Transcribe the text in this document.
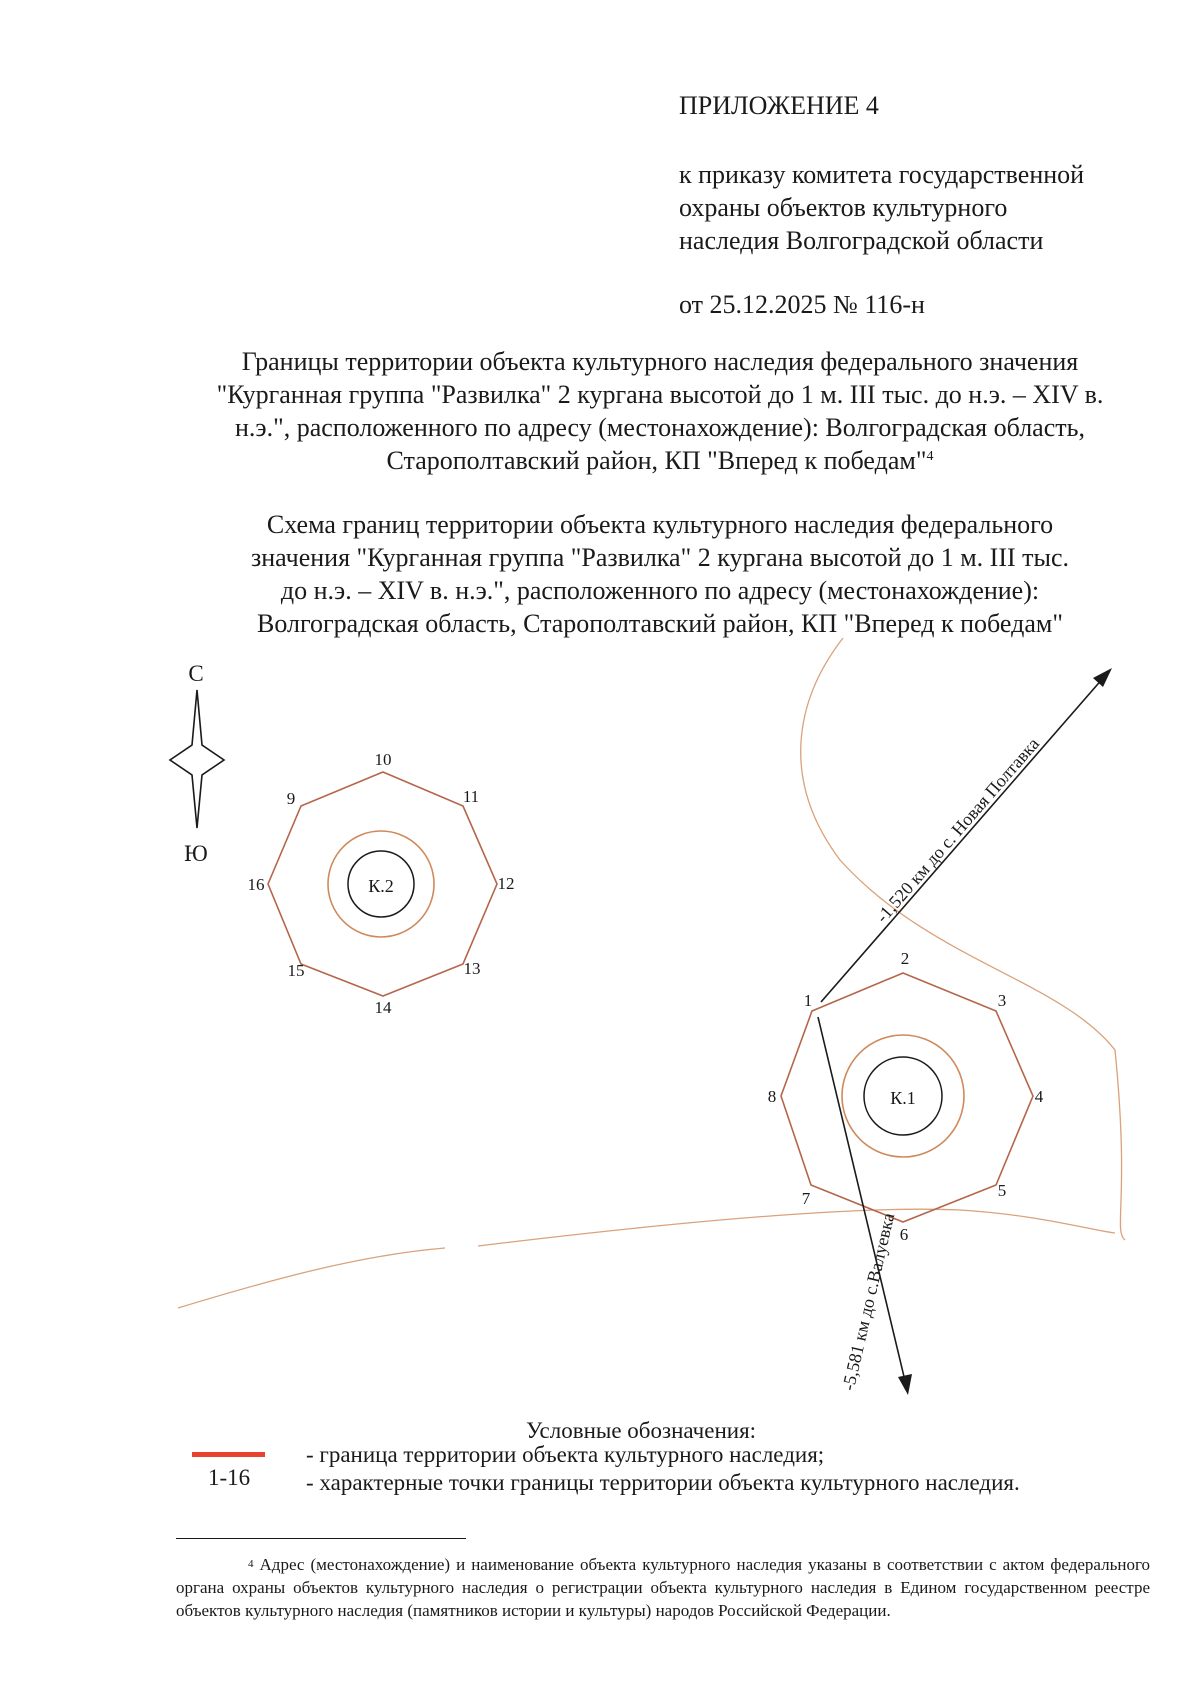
ПРИЛОЖЕНИЕ 4
к приказу комитета государственной
охраны объектов культурного
наследия Волгоградской области
от 25.12.2025 № 116-н
Границы территории объекта культурного наследия федерального значения
"Курганная группа "Развилка" 2 кургана высотой до 1 м. III тыс. до н.э. – XIV в.
н.э.", расположенного по адресу (местонахождение): Волгоградская область,
Старополтавский район, КП "Вперед к победам"$^4$
Схема границ территории объекта культурного наследия федерального
значения "Курганная группа "Развилка" 2 кургана высотой до 1 м. III тыс.
до н.э. – XIV в. н.э.", расположенного по адресу (местонахождение):
Волгоградская область, Старополтавский район, КП "Вперед к победам"
С
Ю
К.2
10
11
12
13
14
15
16
9
К.1
2
3
4
5
6
7
8
1
-1,520 км до с. Новая Полтавка
-5,581 км до с.Валуевка
Условные обозначения:
1-16
- граница территории объекта культурного наследия;
- характерные точки границы территории объекта культурного наследия.
$^4$ Адрес (местонахождение) и наименование объекта культурного наследия указаны в соответствии с актом федерального органа охраны объектов культурного наследия о регистрации объекта культурного наследия в Едином государственном реестре объектов культурного наследия (памятников истории и культуры) народов Российской Федерации.
